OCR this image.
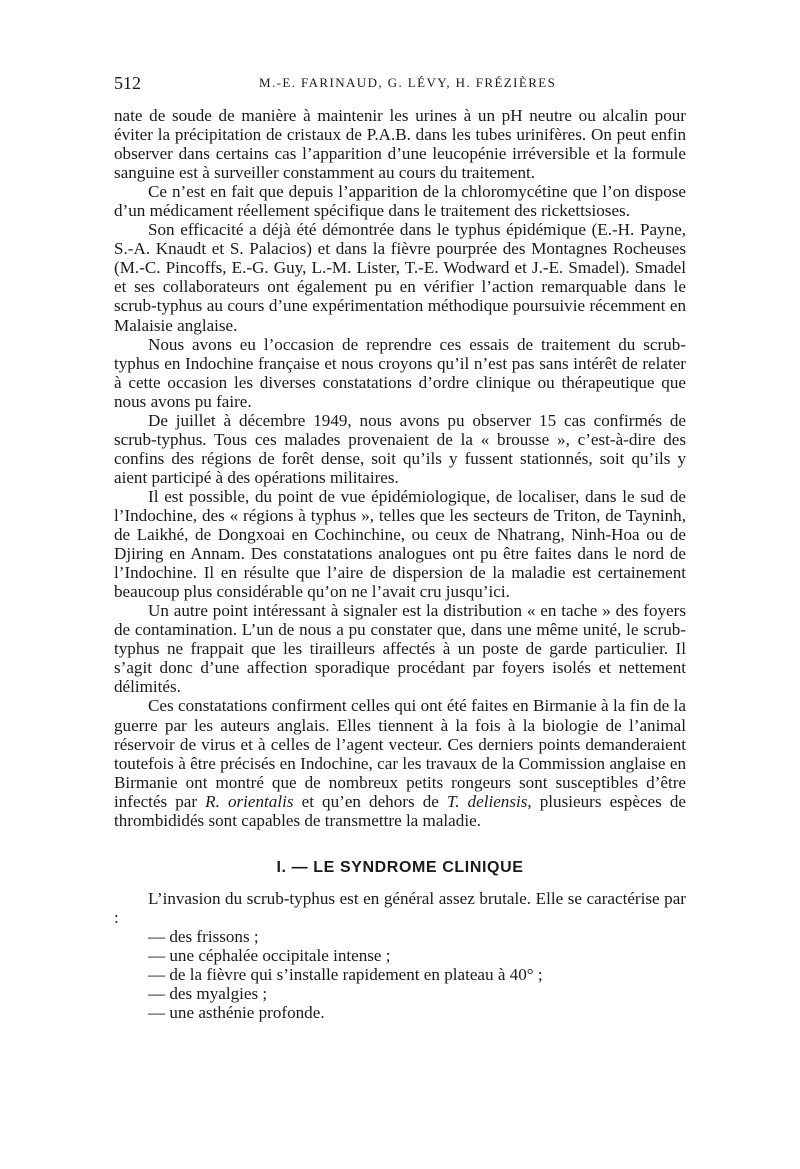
512	M.-E. FARINAUD, G. LÉVY, H. FRÉZIÈRES

nate de soude de manière à maintenir les urines à un pH neutre ou alcalin pour éviter la précipitation de cristaux de P.A.B. dans les tubes urinifères. On peut enfin observer dans certains cas l’apparition d’une leucopénie irréversible et la formule sanguine est à surveiller constamment au cours du traitement.

Ce n’est en fait que depuis l’apparition de la chloromycétine que l’on dispose d’un médicament réellement spécifique dans le traitement des rickettsioses.

Son efficacité a déjà été démontrée dans le typhus épidémique (E.-H. Payne, S.-A. Knaudt et S. Palacios) et dans la fièvre pourprée des Montagnes Rocheuses (M.-C. Pincoffs, E.-G. Guy, L.-M. Lister, T.-E. Wodward et J.-E. Smadel). Smadel et ses collaborateurs ont également pu en vérifier l’action remarquable dans le scrub-typhus au cours d’une expérimentation méthodique poursuivie récemment en Malaisie anglaise.

Nous avons eu l’occasion de reprendre ces essais de traitement du scrub-typhus en Indochine française et nous croyons qu’il n’est pas sans intérêt de relater à cette occasion les diverses constatations d’ordre clinique ou thérapeutique que nous avons pu faire.

De juillet à décembre 1949, nous avons pu observer 15 cas confirmés de scrub-typhus. Tous ces malades provenaient de la « brousse », c’est-à-dire des confins des régions de forêt dense, soit qu’ils y fussent stationnés, soit qu’ils y aient participé à des opérations militaires.

Il est possible, du point de vue épidémiologique, de localiser, dans le sud de l’Indochine, des « régions à typhus », telles que les secteurs de Triton, de Tayninh, de Laikhé, de Dongxoai en Cochinchine, ou ceux de Nhatrang, Ninh-Hoa ou de Djiring en Annam. Des constatations analogues ont pu être faites dans le nord de l’Indochine. Il en résulte que l’aire de dispersion de la maladie est certainement beaucoup plus considérable qu’on ne l’avait cru jusqu’ici.

Un autre point intéressant à signaler est la distribution « en tache » des foyers de contamination. L’un de nous a pu constater que, dans une même unité, le scrub-typhus ne frappait que les tirailleurs affectés à un poste de garde particulier. Il s’agit donc d’une affection sporadique procédant par foyers isolés et nettement délimités.

Ces constatations confirment celles qui ont été faites en Birmanie à la fin de la guerre par les auteurs anglais. Elles tiennent à la fois à la biologie de l’animal réservoir de virus et à celles de l’agent vecteur. Ces derniers points demanderaient toutefois à être précisés en Indochine, car les travaux de la Commission anglaise en Birmanie ont montré que de nombreux petits rongeurs sont susceptibles d’être infectés par R. orientalis et qu’en dehors de T. deliensis, plusieurs espèces de thrombididés sont capables de transmettre la maladie.

I. — LE SYNDROME CLINIQUE

L’invasion du scrub-typhus est en général assez brutale. Elle se caractérise par :

— des frissons ;
— une céphalée occipitale intense ;
— de la fièvre qui s’installe rapidement en plateau à 40° ;
— des myalgies ;
— une asthénie profonde.
